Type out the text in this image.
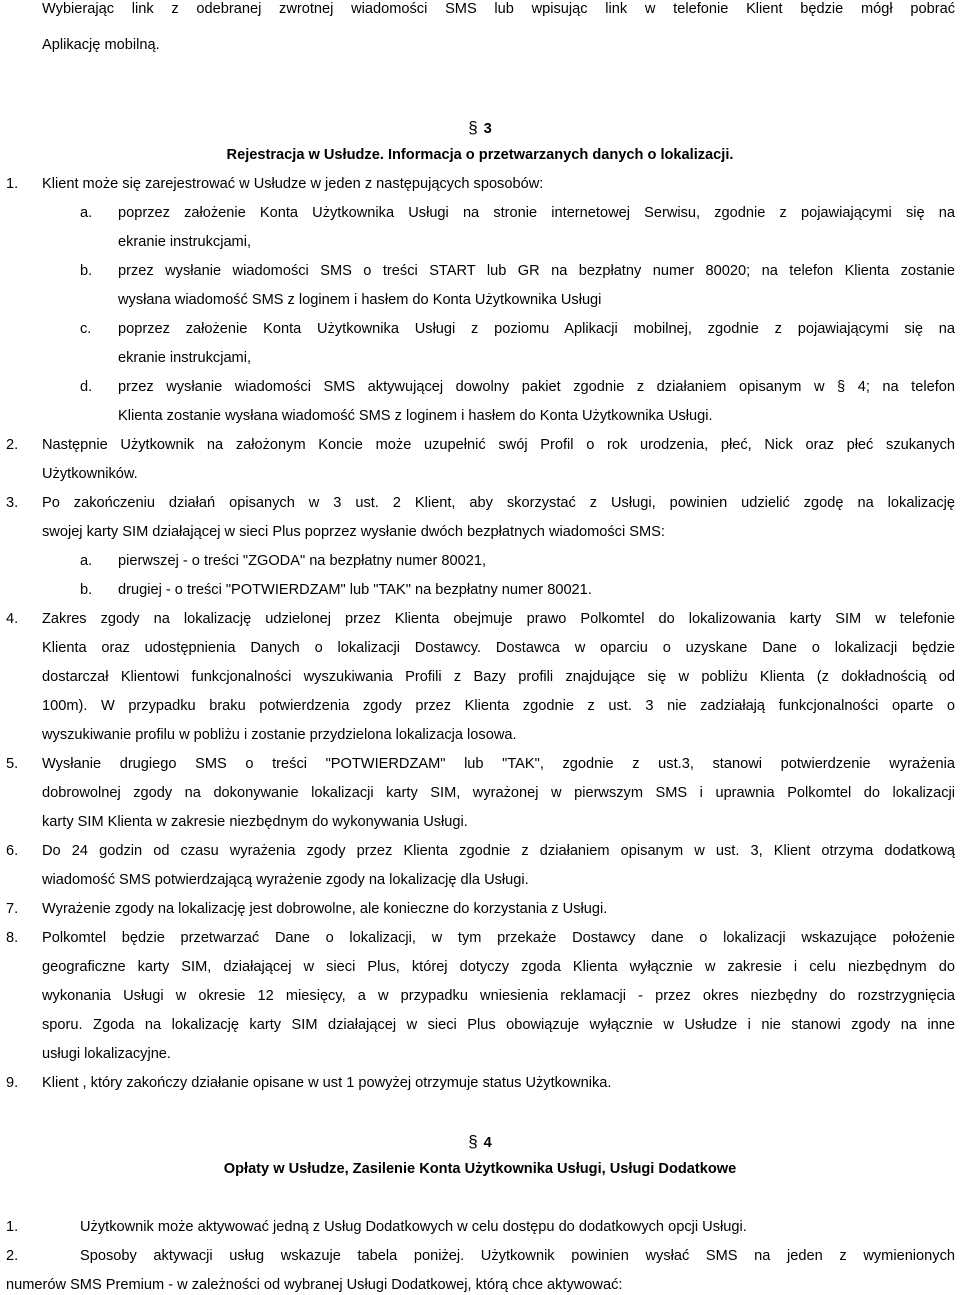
Wybierając link z odebranej zwrotnej wiadomości SMS lub wpisując link w telefonie Klient będzie mógł pobrać
Aplikację mobilną.
§ 3
Rejestracja w Usłudze. Informacja o przetwarzanych danych o lokalizacji.
1. Klient może się zarejestrować w Usłudze w jeden z następujących sposobów:
a. poprzez założenie Konta Użytkownika Usługi na stronie internetowej Serwisu, zgodnie z pojawiającymi się na
ekranie instrukcjami,
b. przez wysłanie wiadomości SMS o treści START lub GR na bezpłatny numer 80020; na telefon Klienta zostanie
wysłana wiadomość SMS z loginem i hasłem do Konta Użytkownika Usługi
c. poprzez założenie Konta Użytkownika Usługi z poziomu Aplikacji mobilnej, zgodnie z pojawiającymi się na
ekranie instrukcjami,
d. przez wysłanie wiadomości SMS aktywującej dowolny pakiet zgodnie z działaniem opisanym w § 4; na telefon
Klienta zostanie wysłana wiadomość SMS z loginem i hasłem do Konta Użytkownika Usługi.
2. Następnie Użytkownik na założonym Koncie może uzupełnić swój Profil o rok urodzenia, płeć, Nick oraz płeć szukanych
Użytkowników.
3. Po zakończeniu działań opisanych w 3 ust. 2 Klient, aby skorzystać z Usługi, powinien udzielić zgodę na lokalizację
swojej karty SIM działającej w sieci Plus poprzez wysłanie dwóch bezpłatnych wiadomości SMS:
a. pierwszej - o treści "ZGODA" na bezpłatny numer 80021,
b. drugiej - o treści "POTWIERDZAM" lub "TAK" na bezpłatny numer 80021.
4. Zakres zgody na lokalizację udzielonej przez Klienta obejmuje prawo Polkomtel do lokalizowania karty SIM w telefonie
Klienta oraz udostępnienia Danych o lokalizacji Dostawcy. Dostawca w oparciu o uzyskane Dane o lokalizacji będzie
dostarczał Klientowi funkcjonalności wyszukiwania Profili z Bazy profili znajdujące się w pobliżu Klienta (z dokładnością od
100m). W przypadku braku potwierdzenia zgody przez Klienta zgodnie z ust. 3 nie zadziałają funkcjonalności oparte o
wyszukiwanie profilu w pobliżu i zostanie przydzielona lokalizacja losowa.
5. Wysłanie drugiego SMS o treści "POTWIERDZAM" lub "TAK", zgodnie z ust.3, stanowi potwierdzenie wyrażenia
dobrowolnej zgody na dokonywanie lokalizacji karty SIM, wyrażonej w pierwszym SMS i uprawnia Polkomtel do lokalizacji
karty SIM Klienta w zakresie niezbędnym do wykonywania Usługi.
6. Do 24 godzin od czasu wyrażenia zgody przez Klienta zgodnie z działaniem opisanym w ust. 3, Klient otrzyma dodatkową
wiadomość SMS potwierdzającą wyrażenie zgody na lokalizację dla Usługi.
7. Wyrażenie zgody na lokalizację jest dobrowolne, ale konieczne do korzystania z Usługi.
8. Polkomtel będzie przetwarzać Dane o lokalizacji, w tym przekaże Dostawcy dane o lokalizacji wskazujące położenie
geograficzne karty SIM, działającej w sieci Plus, której dotyczy zgoda Klienta wyłącznie w zakresie i celu niezbędnym do
wykonania Usługi w okresie 12 miesięcy, a w przypadku wniesienia reklamacji - przez okres niezbędny do rozstrzygnięcia
sporu. Zgoda na lokalizację karty SIM działającej w sieci Plus obowiązuje wyłącznie w Usłudze i nie stanowi zgody na inne
usługi lokalizacyjne.
9. Klient , który zakończy działanie opisane w ust 1 powyżej otrzymuje status Użytkownika.
§ 4
Opłaty w Usłudze, Zasilenie Konta Użytkownika Usługi, Usługi Dodatkowe
1.	Użytkownik może aktywować jedną z Usług Dodatkowych w celu dostępu do dodatkowych opcji Usługi.
2.	Sposoby aktywacji usług wskazuje tabela poniżej. Użytkownik powinien wysłać SMS na jeden z wymienionych
numerów SMS Premium - w zależności od wybranej Usługi Dodatkowej, którą chce aktywować:
